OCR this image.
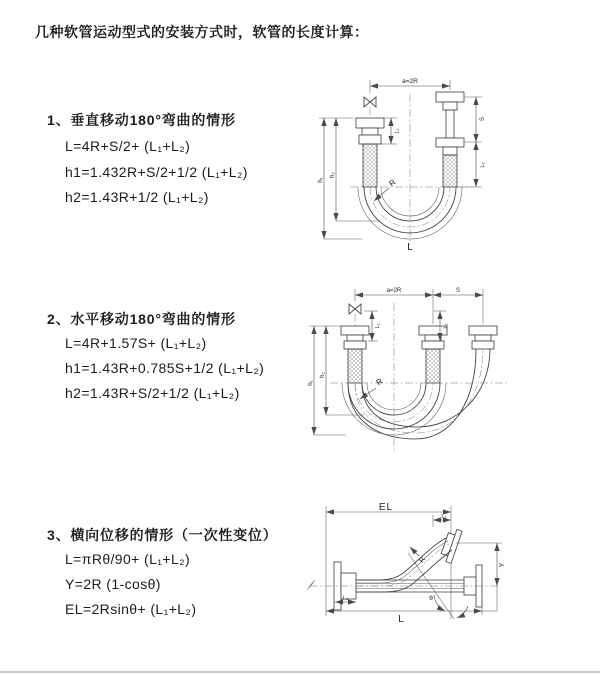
几种软管运动型式的安装方式时，软管的长度计算：
1、垂直移动180°弯曲的情形
L=4R+S/2+ (L₁+L₂)
h1=1.432R+S/2+1/2 (L₁+L₂)
h2=1.43R+1/2 (L₁+L₂)
2、水平移动180°弯曲的情形
L=4R+1.57S+ (L₁+L₂)
h1=1.43R+0.785S+1/2 (L₁+L₂)
h2=1.43R+S/2+1/2 (L₁+L₂)
3、横向位移的情形（一次性变位）
L=πRθ/90+ (L₁+L₂)
Y=2R (1-cosθ)
EL=2Rsinθ+ (L₁+L₂)
a=2R
h₁
h₂
S
L₂
L₁
R
L
a=2R	S
h₁
h₂
L₁	L₂
R
EL
L₂
R
θ
Y
L
L₁
